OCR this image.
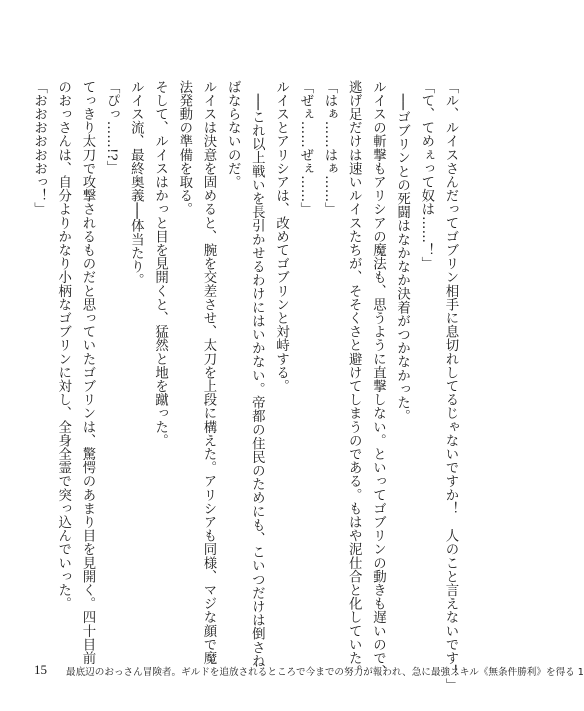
「ル、ルイスさんだってゴブリン相手に息切れしてるじゃないですか！　人のこと言えないです！」
「て、てめぇって奴は……！」
　──ゴブリンとの死闘はなかなか決着がつかなかった。
ルイスの斬撃もアリシアの魔法も、思うように直撃しない。といってゴブリンの動きも遅いので、
逃げ足だけは速いルイスたちが、そそくさと避けてしまうのである。もはや泥仕合と化していた。
「はぁ……はぁ……」
「ぜぇ……ぜぇ……」
ルイスとアリシアは、改めてゴブリンと対峙する。
　──これ以上戦いを長引かせるわけにはいかない。帝都の住民のためにも、こいつだけは倒さね
ばならないのだ。
ルイスは決意を固めると、腕を交差させ、太刀を上段に構えた。アリシアも同様、マジな顔で魔
法発動の準備を取る。
そして、ルイスはかっと目を見開くと、猛然と地を蹴った。
ルイス流、最終奥義──体当たり。
「ぴっ……!?」
てっきり太刀で攻撃されるものだと思っていたゴブリンは、驚愕のあまり目を見開く。四十目前
のおっさんは、自分よりかなり小柄なゴブリンに対し、全身全霊で突っ込んでいった。
「おおおおおおっ！」
15 最底辺のおっさん冒険者。ギルドを追放されるところで今までの努力が報われ、急に最強スキル《無条件勝利》を得る 1
